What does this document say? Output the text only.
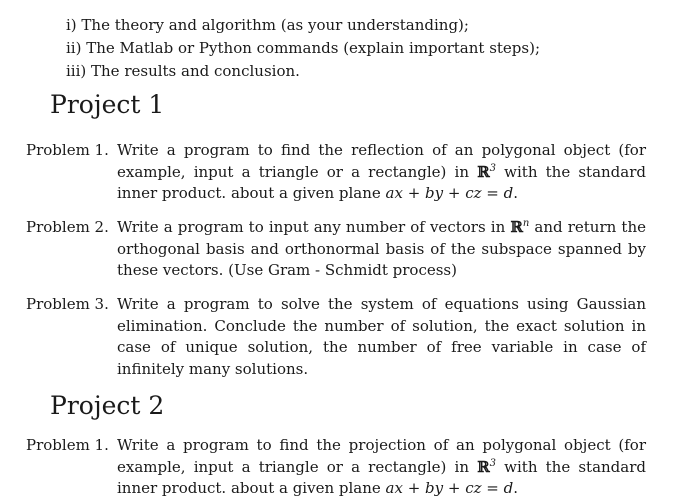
i) The theory and algorithm (as your understanding);
ii) The Matlab or Python commands (explain important steps);
iii) The results and conclusion.
Project 1
Problem 1. Write a program to find the reflection of an polygonal object (for example, input a triangle or a rectangle) in ℝ$^3$ with the standard inner product. about a given plane ax + by + cz = d.
Problem 2. Write a program to input any number of vectors in ℝ$^n$ and return the orthogonal basis and orthonormal basis of the subspace spanned by these vectors. (Use Gram - Schmidt process)
Problem 3. Write a program to solve the system of equations using Gaussian elimination. Conclude the number of solution, the exact solution in case of unique solution, the number of free variable in case of infinitely many solutions.
Project 2
Problem 1. Write a program to find the projection of an polygonal object (for example, input a triangle or a rectangle) in ℝ$^3$ with the standard inner product. about a given plane ax + by + cz = d.
